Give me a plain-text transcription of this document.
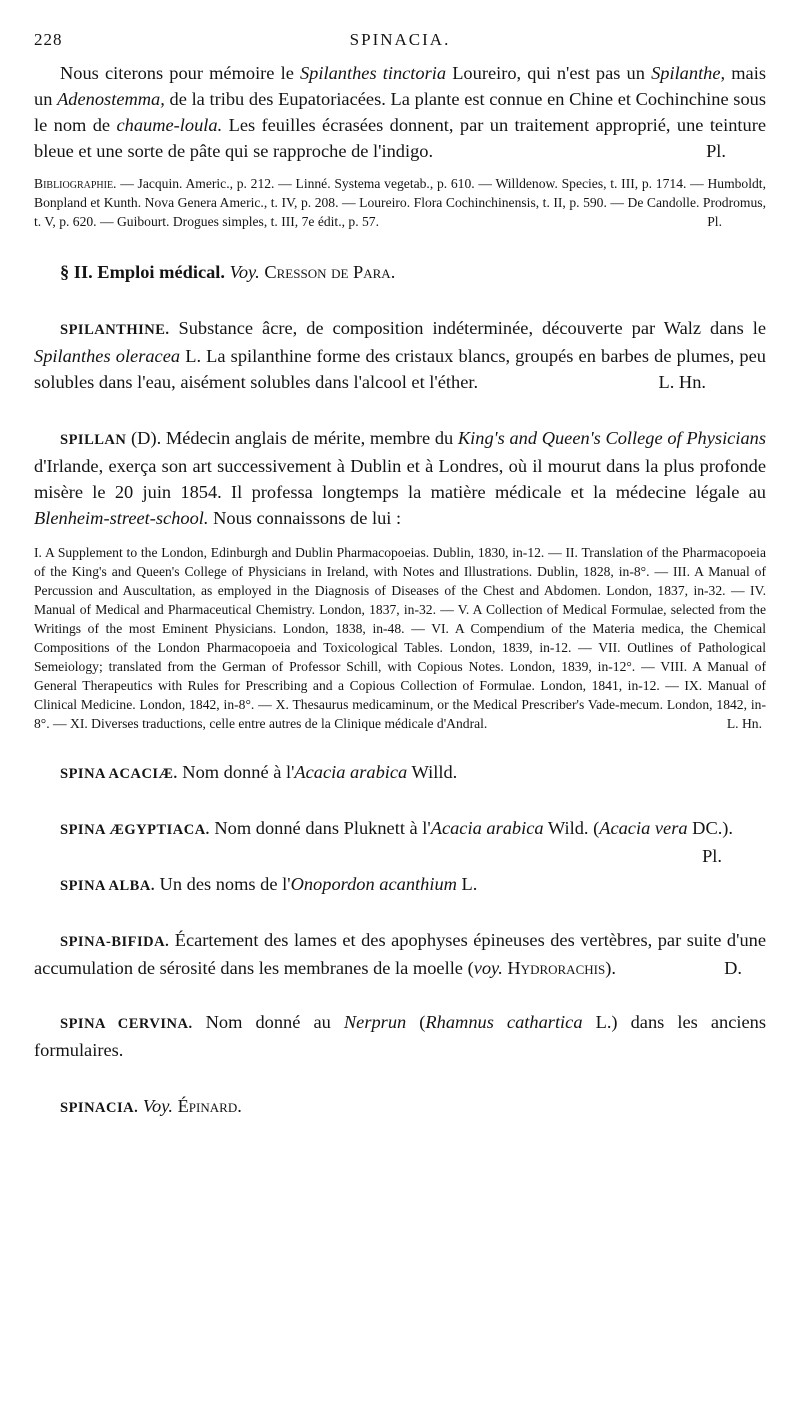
228	SPINACIA.

Nous citerons pour mémoire le Spilanthes tinctoria Loureiro, qui n'est pas un Spilanthe, mais un Adenostemma, de la tribu des Eupatoriacées. La plante est connue en Chine et Cochinchine sous le nom de chaume-loula. Les feuilles écrasées donnent, par un traitement approprié, une teinture bleue et une sorte de pâte qui se rapproche de l'indigo.	Pl.

Bibliographie. — Jacquin. Americ., p. 212. — Linné. Systema vegetab., p. 610. — Willdenow. Species, t. III, p. 1714. — Humboldt, Bonpland et Kunth. Nova Genera Americ., t. IV, p. 208. — Loureiro. Flora Cochinchinensis, t. II, p. 590. — De Candolle. Prodromus, t. V, p. 620. — Guibourt. Drogues simples, t. III, 7e édit., p. 57.	Pl.

§ II. Emploi médical. Voy. Cresson de Para.

SPILANTHINE. Substance âcre, de composition indéterminée, découverte par Walz dans le Spilanthes oleracea L. La spilanthine forme des cristaux blancs, groupés en barbes de plumes, peu solubles dans l'eau, aisément solubles dans l'alcool et l'éther.	L. Hn.

SPILLAN (D). Médecin anglais de mérite, membre du King's and Queen's College of Physicians d'Irlande, exerça son art successivement à Dublin et à Londres, où il mourut dans la plus profonde misère le 20 juin 1854. Il professa longtemps la matière médicale et la médecine légale au Blenheim-street-school. Nous connaissons de lui :

I. A Supplement to the London, Edinburgh and Dublin Pharmacopoeias. Dublin, 1830, in-12. — II. Translation of the Pharmacopoeia of the King's and Queen's College of Physicians in Ireland, with Notes and Illustrations. Dublin, 1828, in-8°. — III. A Manual of Percussion and Auscultation, as employed in the Diagnosis of Diseases of the Chest and Abdomen. London, 1837, in-32. — IV. Manual of Medical and Pharmaceutical Chemistry. London, 1837, in-32. — V. A Collection of Medical Formulae, selected from the Writings of the most Eminent Physicians. London, 1838, in-48. — VI. A Compendium of the Materia medica, the Chemical Compositions of the London Pharmacopoeia and Toxicological Tables. London, 1839, in-12. — VII. Outlines of Pathological Semeiology; translated from the German of Professor Schill, with Copious Notes. London, 1839, in-12°. — VIII. A Manual of General Therapeutics with Rules for Prescribing and a Copious Collection of Formulae. London, 1841, in-12. — IX. Manual of Clinical Medicine. London, 1842, in-8°. — X. Thesaurus medicaminum, or the Medical Prescriber's Vade-mecum. London, 1842, in-8°. — XI. Diverses traductions, celle entre autres de la Clinique médicale d'Andral.	L. Hn.

SPINA ACACIÆ. Nom donné à l'Acacia arabica Willd.

SPINA ÆGYPTIACA. Nom donné dans Pluknett à l'Acacia arabica Wild. (Acacia vera DC.).
Pl.

SPINA ALBA. Un des noms de l'Onopordon acanthium L.

SPINA-BIFIDA. Écartement des lames et des apophyses épineuses des vertèbres, par suite d'une accumulation de sérosité dans les membranes de la moelle (voy. Hydrorachis).	D.

SPINA CERVINA. Nom donné au Nerprun (Rhamnus cathartica L.) dans les anciens formulaires.

SPINACIA. Voy. Épinard.
